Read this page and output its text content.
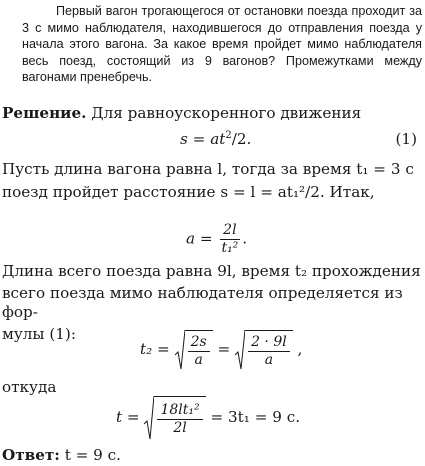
Первый вагон трогающегося от остановки поезда проходит за 3 с мимо наблюдателя, находившегося до отправления поезда у начала этого вагона. За какое время пройдет мимо наблюдателя весь поезд, состоящий из 9 вагонов? Промежутками между вагонами пренебречь.
Решение. Для равноускоренного движения
$s = at^2/2$.	(1)
Пусть длина вагона равна l, тогда за время t₁ = 3 с
поезд пройдет расстояние s = l = at₁²/2. Итак,
$a = \frac{2l}{\text{t₁²}}$ .
Длина всего поезда равна 9l, время t₂ прохождения
всего поезда мимо наблюдателя определяется из фор-
мулы (1):
$t_2 = \frac{2s}{a} = \frac{2 \cdot 9l}{a}$ ,
откуда
$t = \frac{\text{18lt₁²}}{2l} = 3t_1 = 9$ с.
Ответ: t = 9 с.
